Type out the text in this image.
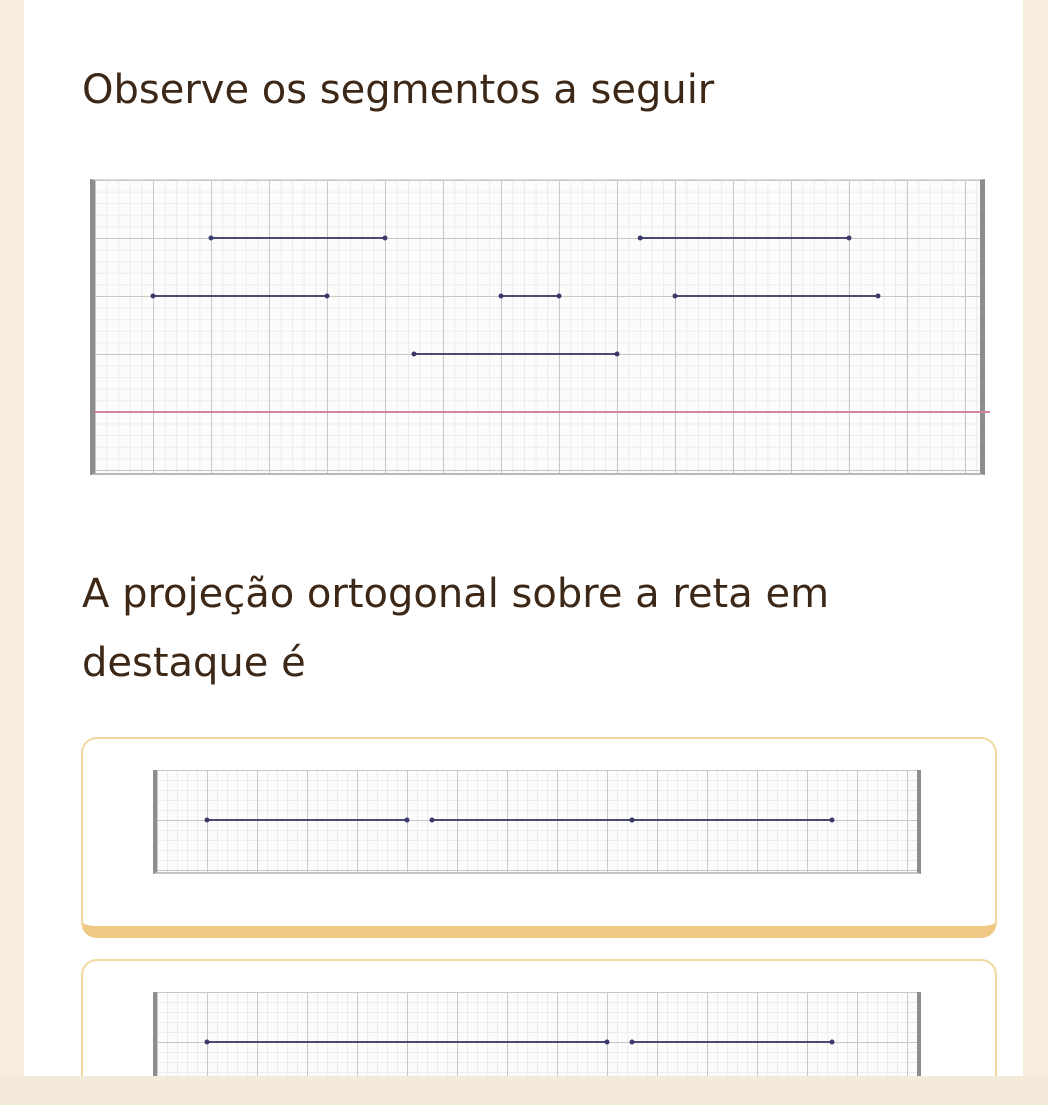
Observe os segmentos a seguir

A projeção ortogonal sobre a reta em destaque é
